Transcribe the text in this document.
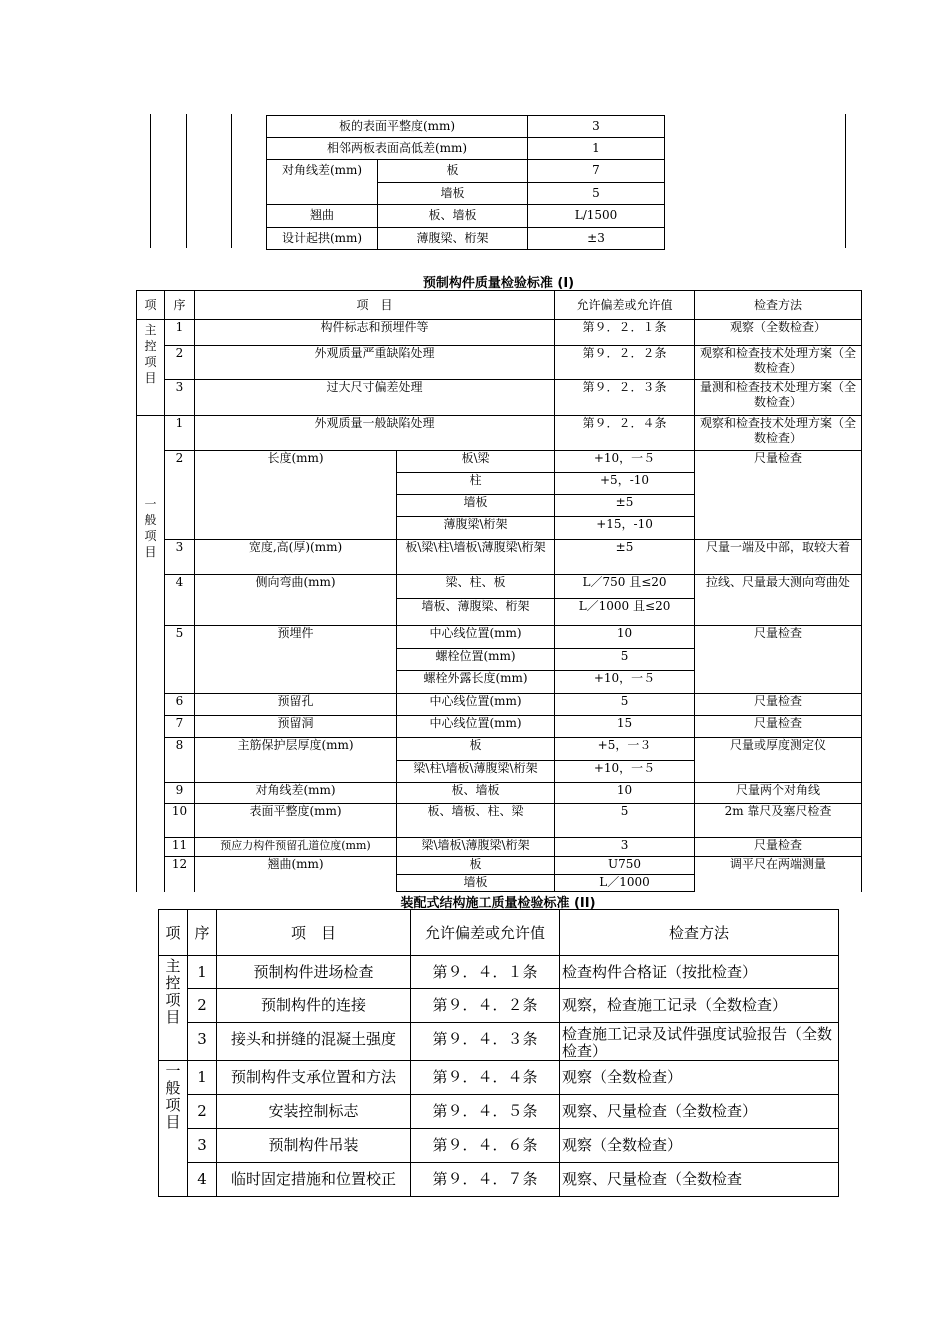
板的表面平整度(mm)		3
相邻两板表面高低差(mm)		1
对角线差(mm)	板	7
	墙板	5
翘曲	板、墙板	L/1500
设计起拱(mm)	薄腹梁、桁架	±3
预制构件质量检验标准 (I)
项	序	项　目		允许偏差或允许值	检查方法
主控项目	1	构件标志和预埋件等		第９．２．１条	观察（全数检查）
	2	外观质量严重缺陷处理		第９．２．２条	观察和检查技术处理方案（全数检查）
	3	过大尺寸偏差处理		第９．２．３条	量测和检查技术处理方案（全数检查）
一般项目	1	外观质量一般缺陷处理		第９．２．４条	观察和检查技术处理方案（全数检查）
	2	长度(mm)	板\梁	+10，一５	尺量检查
			柱	+5，-10	
			墙板	±5	
			薄腹梁\桁架	+15，-10	
	3	宽度,高(厚)(mm)	板\梁\柱\墙板\薄腹梁\桁架	±5	尺量一端及中部，取较大着
	4	侧向弯曲(mm)	梁、柱、板	L／750 且≤20	拉线、尺量最大测向弯曲处
			墙板、薄腹梁、桁架	L／1000 且≤20	
	5	预埋件	中心线位置(mm)	10	尺量检查
			螺栓位置(mm)	5	
			螺栓外露长度(mm)	+10，一５	
	6	预留孔	中心线位置(mm)	5	尺量检查
	7	预留洞	中心线位置(mm)	15	尺量检查
	8	主筋保护层厚度(mm)	板	+5，一３	尺量或厚度测定仪
			梁\柱\墙板\薄腹梁\桁架	+10，一５	
	9	对角线差(mm)	板、墙板	10	尺量两个对角线
	10	表面平整度(mm)	板、墙板、柱、梁	5	2m 靠尺及塞尺检查
	11	预应力构件预留孔道位度(mm)	梁\墙板\薄腹梁\桁架	3	尺量检查
	12	翘曲(mm)	板	U750	调平尺在两端测量
			墙板	L／1000	
装配式结构施工质量检验标准 (II)
项	序	项　目	允许偏差或允许值	检查方法
主控项目	1	预制构件进场检查	第９．４．１条	检查构件合格证（按批检查）
	2	预制构件的连接	第９．４．２条	观察，检查施工记录（全数检查）
	3	接头和拼缝的混凝土强度	第９．４．３条	检查施工记录及试件强度试验报告（全数检查）
一般项目	1	预制构件支承位置和方法	第９．４．４条	观察（全数检查）
	2	安装控制标志	第９．４．５条	观察、尺量检查（全数检查）
	3	预制构件吊装	第９．４．６条	观察（全数检查）
	4	临时固定措施和位置校正	第９．４．７条	观察、尺量检查（全数检查
